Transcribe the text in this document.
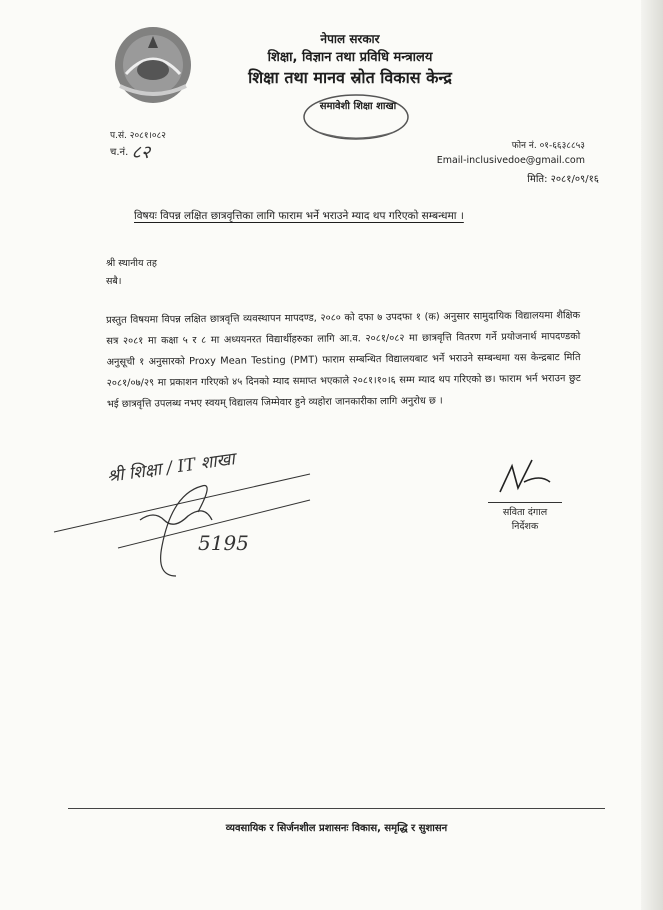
नेपाल सरकार
शिक्षा, विज्ञान तथा प्रविधि मन्त्रालय
शिक्षा तथा मानव स्रोत विकास केन्द्र
समावेशी शिक्षा शाखा
प.सं. २०८१।०८२
च.नं. ८२	फोन नं. ०१-६६३८८५३
Email-inclusivedoe@gmail.com
मिति: २०८१/०९/१६
विषयः विपन्न लक्षित छात्रवृत्तिका लागि फाराम भर्ने भराउने म्याद थप गरिएको सम्बन्धमा ।
श्री स्थानीय तह
सबै।
प्रस्तुत विषयमा विपन्न लक्षित छात्रवृत्ति व्यवस्थापन मापदण्ड, २०८० को दफा ७ उपदफा १ (क) अनुसार सामुदायिक विद्यालयमा शैक्षिक सत्र २०८१ मा कक्षा ५ र ८ मा अध्ययनरत विद्यार्थीहरुका लागि आ.व. २०८१/०८२ मा छात्रवृत्ति वितरण गर्ने प्रयोजनार्थ मापदण्डको अनुसूची १ अनुसारको Proxy Mean Testing (PMT) फाराम सम्बन्धित विद्यालयबाट भर्ने भराउने सम्बन्धमा यस केन्द्रबाट मिति २०८१/०७/२९ मा प्रकाशन गरिएको ४५ दिनको म्याद समाप्त भएकाले २०८१।१०।६ सम्म म्याद थप गरिएको छ। फाराम भर्न भराउन छुट भई छात्रवृत्ति उपलब्ध नभए स्वयम् विद्यालय जिम्मेवार हुने व्यहोरा जानकारीका लागि अनुरोध छ ।
श्री शिक्षा / IT शाखा
5195
सविता दंगाल
निर्देशक
व्यवसायिक र सिर्जनशील प्रशासनः विकास, समृद्धि र सुशासन
